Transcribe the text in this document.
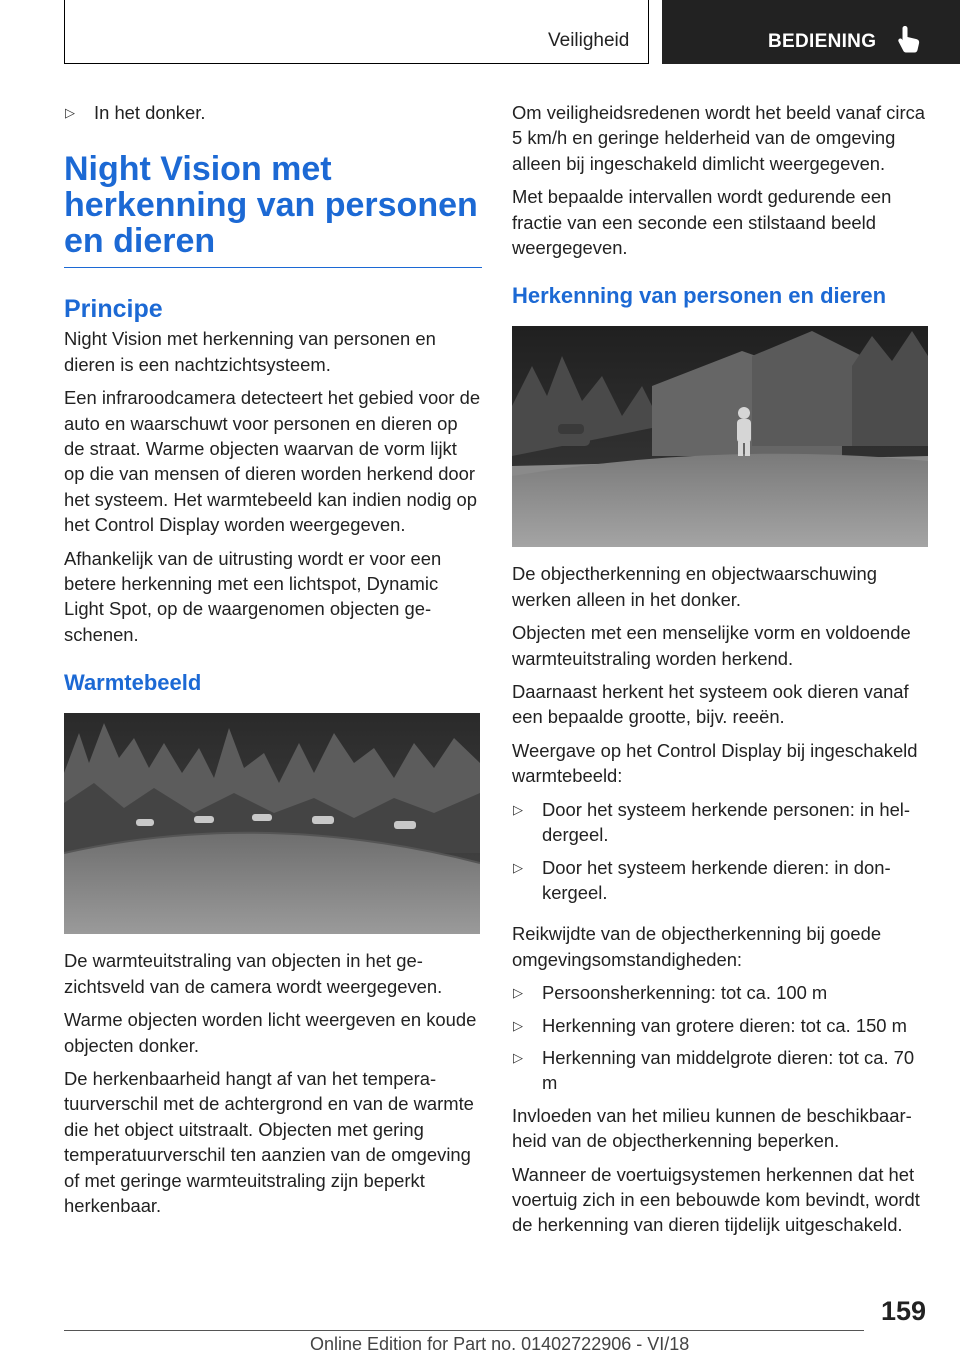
Veiligheid	BEDIENING
▷	In het donker.
Night Vision met herkenning van personen en dieren
Principe

Night Vision met herkenning van personen en dieren is een nachtzichtsysteem.

Een infraroodcamera detecteert het gebied voor de auto en waarschuwt voor personen en dieren op de straat. Warme objecten waarvan de vorm lijkt op die van mensen of dieren worden herkend door het systeem. Het warmtebeeld kan indien nodig op het Control Display worden weergegeven.

Afhankelijk van de uitrusting wordt er voor een betere herkenning met een lichtspot, Dynamic Light Spot, op de waargenomen objecten geschenen.

Warmtebeeld

De warmteuitstraling van objecten in het gezichtsveld van de camera wordt weergegeven.

Warme objecten worden licht weergeven en koude objecten donker.

De herkenbaarheid hangt af van het temperatuurverschil met de achtergrond en van de warmte die het object uitstraalt. Objecten met gering temperatuurverschil ten aanzien van de omgeving of met geringe warmteuitstraling zijn beperkt herkenbaar.

Om veiligheidsredenen wordt het beeld vanaf circa 5 km/h en geringe helderheid van de omgeving alleen bij ingeschakeld dimlicht weergegeven.

Met bepaalde intervallen wordt gedurende een fractie van een seconde een stilstaand beeld weergegeven.

Herkenning van personen en dieren

De objectherkenning en objectwaarschuwing werken alleen in het donker.

Objecten met een menselijke vorm en voldoende warmteuitstraling worden herkend.

Daarnaast herkent het systeem ook dieren vanaf een bepaalde grootte, bijv. reeën.

Weergave op het Control Display bij ingeschakeld warmtebeeld:

▷	Door het systeem herkende personen: in heldergeel.
▷	Door het systeem herkende dieren: in donkergeel.

Reikwijdte van de objectherkenning bij goede omgevingsomstandigheden:

▷	Persoonsherkenning: tot ca. 100 m
▷	Herkenning van grotere dieren: tot ca. 150 m
▷	Herkenning van middelgrote dieren: tot ca. 70 m

Invloeden van het milieu kunnen de beschikbaarheid van de objectherkenning beperken.

Wanneer de voertuigsystemen herkennen dat het voertuig zich in een bebouwde kom bevindt, wordt de herkenning van dieren tijdelijk uitgeschakeld.

159
Online Edition for Part no. 01402722906 - VI/18
